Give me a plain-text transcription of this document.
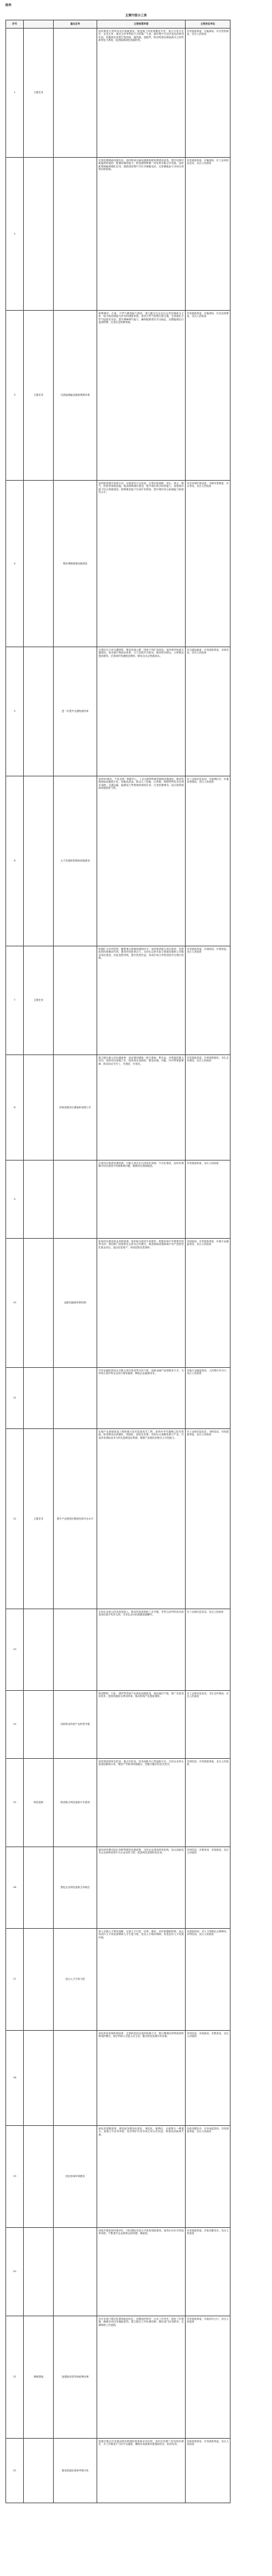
附件
主要内容分工表
序号		重点任务	主要政策举措	主要责任单位
1	主要任务		加快推进大型风电光伏基地建设，推进海上风电规模化开发，加大分布式光伏、农光互补、渔光互补等利用方式的推广力度，做好集中式光伏电站的规划布局，因地制宜发展生物质能、地热能、氢能等，推动构建以新能源为主体的新型电力系统，促进能源绿色低碳转型。	市发展改革委、市能源局、市自然资源局，各区人民政府
2			完善电网基础设施布局，加快特高压输电通道和配电网建设改造，提升电网对新能源的接纳、配置和调控能力。推进源网荷储一体化和多能互补发展，加快新型储能规模化应用，鼓励建设集中式共享储能电站，完善储能参与市场交易的价格机制。	市发展改革委、市能源局、市工业和信息化局，各区人民政府
3	主要任务	完善能源输送储备保障体系	统筹煤炭、石油、天然气储备能力建设，建立健全以企业社会责任储备为主体、地方政府储备为补充的储备体系。加快天然气管网互联互通，完善液化天然气接收站布局，提升调峰储气能力，确保能源供应安全稳定。加强能源运行监测预警，完善应急保障预案。	市发展改革委、市能源局、市应急管理局，各区人民政府
4		推进城镇基础设施建设	加快推进城市更新行动，实施老旧小区改造，完善市政道路、供水、排水、燃气、供热等基础设施。推进海绵城市建设，提升城市排水防涝能力，加强城市地下综合管廊建设，统筹推进地下空间开发利用，提升城市综合承载能力和韧性水平。	市住房城乡建设委、市城市管理委、市水务局，各区人民政府
5		进一步提升交通物流效率	完善综合立体交通网络，推进高速公路、国省干线扩容改造，加快城市轨道交通建设。优化港口集疏运体系，大力发展多式联运，推动铁水联运、公铁联运提质增效。完善城乡物流配送网络，降低全社会物流成本。	市交通运输委、市发展改革委、市商务局，各区人民政府
6		大力发展新型基础设施建设	加快5G基站、千兆光网、数据中心、工业互联网等新型基础设施建设，推进传统基础设施数字化、智能化改造。推动人工智能、区块链、物联网等技术在城市治理、交通运输、能源电力等领域的深度应用，打造智慧城市。加大新型基础设施投资力度。	市工业和信息化局、市委网信办、市通信管理局，各区人民政府
7	主要任务		积极扩大有效投资，聚焦重点领域和薄弱环节，加快推进重大项目建设，发挥政府投资撬动作用，激发民间投资活力，支持社会资本参与基础设施和公共服务项目建设，优化投资结构，提升投资效益，形成市场主导的投资内生增长机制。	市发展改革委、市财政局、市国资委，各区人民政府
8		持续加强项目储备和前期工作	建立健全重大项目储备库，滚动谋划储备一批打基础、利长远、补短板的重大项目。加快项目前期工作，提高项目成熟度，强化用地、用能、环评等要素保障，推动项目早开工、早建设、早见效。	市发展改革委、市规划资源局、市生态环境局，各区人民政府
9			完善项目推进协调机制，对重大项目实行清单化管理、节点化推进，及时协调解决项目建设中的困难和问题，确保项目按期推进。	市发展改革委，各区人民政府
10		创新投融资体制机制	拓宽项目建设资金来源渠道，用好地方政府专项债券，积极争取中央预算内投资支持。规范推广政府和社会资本合作模式，推进基础设施领域不动产投资信托基金试点，盘活存量资产，形成投资良性循环。	市财政局、市发展改革委、市地方金融监管局，各区人民政府
11			引导金融机构加大对重大项目的信贷支持力度，创新金融产品和服务方式，支持符合条件的企业发行债券融资，降低企业融资成本。	市地方金融监管局、人民银行市分行，各区人民政府
12	主要任务	提升产业链供应链韧性和安全水平	实施产业基础再造工程和重大技术装备攻关工程，加快补齐关键核心技术短板。推动制造业高端化、智能化、绿色化发展，培育壮大战略性新兴产业，打造具有国际竞争力的先进制造业集群，增强产业链供应链自主可控能力。	市工业和信息化局、市科技局、市发展改革委，各区人民政府
13			支持企业加大技术改造投入，推动设备更新和工艺升级，对符合条件的技术改造项目给予奖补支持，引导企业向价值链高端攀升。	市工业和信息化局，各区人民政府
14		加快推动传统产业转型升级	推进钢铁、石化、建材等传统产业绿色低碳改造，淘汰落后产能，推广先进适用技术，提高资源综合利用效率，推动传统产业提质增效。	市工业和信息化局、市生态环境局，各区人民政府
15	科技创新	推进重大科技创新平台建设	加快建设国家实验室、重点实验室、技术创新中心等创新平台，支持企业牵头组建创新联合体，推进产学研用深度融合，加强关键共性技术攻关。	市科技局、市发展改革委，各区人民政府
16		强化企业科技创新主体地位	落实研发费用加计扣除等税收优惠政策，支持企业建设研发机构，加大高新技术企业和科技型中小企业培育力度，促进科技成果转化应用。	市科技局、市税务局、市财政局，各区人民政府
17		加大人才引育力度	深入实施人才强市战略，完善人才引进、培养、使用、评价和激励机制，加大高层次人才和急需紧缺人才引进力度，优化人才服务保障，营造良好人才发展环境。	市委组织部、市人力资源社会保障局、市科技局，各区人民政府
18			深化科技体制机制改革，完善科技项目组织管理方式，推行揭榜挂帅等新型科研组织模式，赋予科研人员更大自主权，健全科技成果评价体系。	市科技局、市财政局、市教育局，各区人民政府
19		优化营商环境建设	深化放管服改革，推进政务服务标准化、规范化、便利化，全面推行一网通办。加强公平竞争审查，依法保护各类市场主体合法权益，构建亲清政商关系。	市政务服务办、市市场监管局、市发展改革委，各区人民政府
20			持续开展营商环境评价，对标国际先进水平查找短板弱项，加快出台针对性改革举措，不断提升企业和群众获得感、满意度。	市发展改革委、市政务服务办，各区人民政府
21	保障措施	加强组织领导和统筹协调	各区各部门要切实提高政治站位，加强组织领导，压实工作责任，细化工作措施，确保各项任务落地见效。建立健全工作协调机制，强化部门协同联动，定期调度工作进展。	市发展改革委、市政府办公厅，各区人民政府
22		强化督促检查和考核评估	加强对重点任务落实情况的跟踪督查和评估问效，及时总结推广好经验好做法，对工作推进不力的予以通报，确保各项政策举措落到实处、取得实效。	市政府督查室、市发展改革委，各区人民政府
